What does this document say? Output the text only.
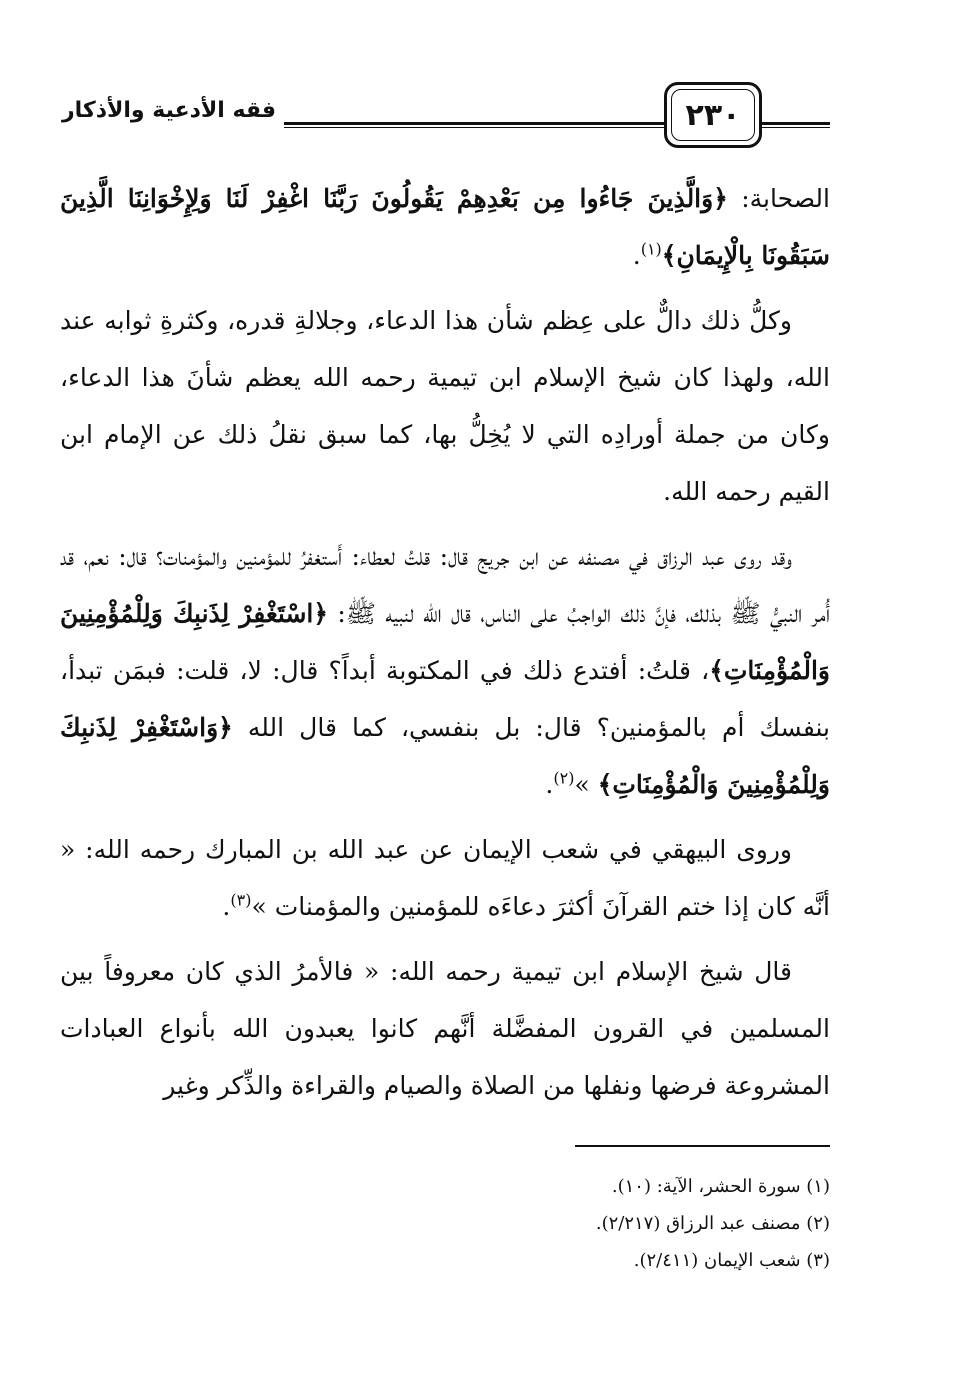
٢٣٠
فقه الأدعية والأذكار

الصحابة: ﴿وَالَّذِينَ جَاءُوا مِن بَعْدِهِمْ يَقُولُونَ رَبَّنَا اغْفِرْ لَنَا وَلِإِخْوَانِنَا الَّذِينَ سَبَقُونَا بِالْإِيمَانِ﴾$^{(١)}$.

وكلُّ ذلك دالٌّ على عِظم شأن هذا الدعاء، وجلالةِ قدره، وكثرةِ ثوابه عند الله، ولهذا كان شيخ الإسلام ابن تيمية رحمه الله يعظم شأنَ هذا الدعاء، وكان من جملة أورادِه التي لا يُخِلُّ بها، كما سبق نقلُ ذلك عن الإمام ابن القيم رحمه الله.

وقد روى عبد الرزاق في مصنفه عن ابن جريج قال: قلتُ لعطاء: أَستغفرُ للمؤمنين والمؤمنات؟ قال: نعم، قد أُمر النبيُّ ﷺ بذلك، فإنَّ ذلك الواجبُ على الناس، قال الله لنبيه ﷺ: ﴿اسْتَغْفِرْ لِذَنبِكَ وَلِلْمُؤْمِنِينَ وَالْمُؤْمِنَاتِ﴾، قلتُ: أفتدع ذلك في المكتوبة أبداً؟ قال: لا، قلت: فبمَن تبدأ، بنفسك أم بالمؤمنين؟ قال: بل بنفسي، كما قال الله ﴿وَاسْتَغْفِرْ لِذَنبِكَ وَلِلْمُؤْمِنِينَ وَالْمُؤْمِنَاتِ﴾ »$^{(٢)}$.

وروى البيهقي في شعب الإيمان عن عبد الله بن المبارك رحمه الله: « أنَّه كان إذا ختم القرآنَ أكثرَ دعاءَه للمؤمنين والمؤمنات »$^{(٣)}$.

قال شيخ الإسلام ابن تيمية رحمه الله: « فالأمرُ الذي كان معروفاً بين المسلمين في القرون المفضَّلة أنَّهم كانوا يعبدون الله بأنواع العبادات المشروعة فرضها ونفلها من الصلاة والصيام والقراءة والذِّكر وغير

(١) سورة الحشر، الآية: (١٠).

(٢) مصنف عبد الرزاق (٢/٢١٧).

(٣) شعب الإيمان (٢/٤١١).
